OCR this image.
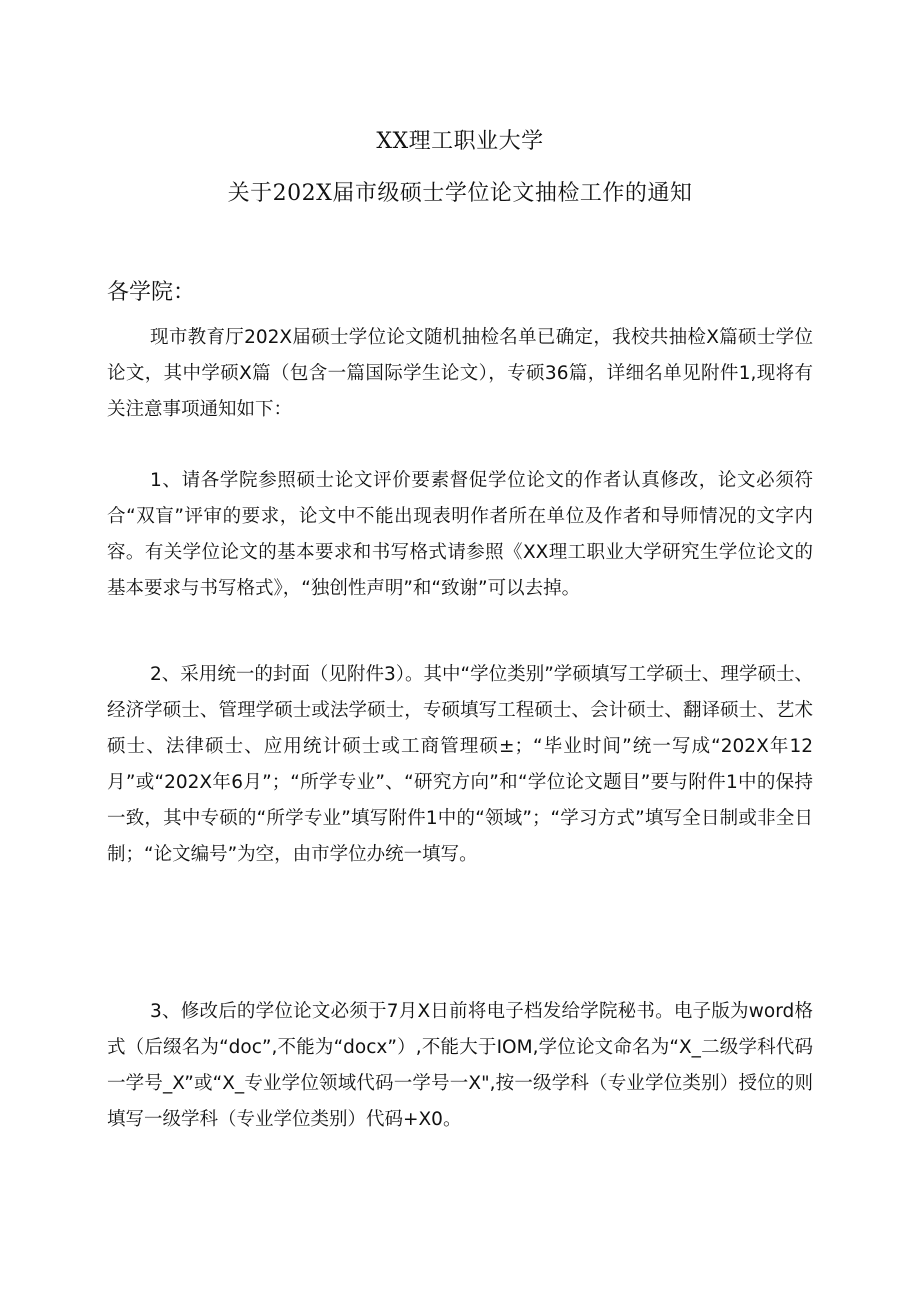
XX理工职业大学
关于202X届市级硕士学位论文抽检工作的通知
各学院：
现市教育厅202X届硕士学位论文随机抽检名单已确定，我校共抽检X篇硕士学位论文，其中学硕X篇（包含一篇国际学生论文），专硕36篇，详细名单见附件1,现将有关注意事项通知如下：
1、请各学院参照硕士论文评价要素督促学位论文的作者认真修改，论文必须符合“双盲”评审的要求，论文中不能出现表明作者所在单位及作者和导师情况的文字内容。有关学位论文的基本要求和书写格式请参照《XX理工职业大学研究生学位论文的基本要求与书写格式》，“独创性声明”和“致谢”可以去掉。
2、采用统一的封面（见附件3）。其中“学位类别”学硕填写工学硕士、理学硕士、经济学硕士、管理学硕士或法学硕士，专硕填写工程硕士、会计硕士、翻译硕士、艺术硕士、法律硕士、应用统计硕士或工商管理硕±；“毕业时间”统一写成“202X年12月”或“202X年6月”；“所学专业”、“研究方向”和“学位论文题目”要与附件1中的保持一致，其中专硕的“所学专业”填写附件1中的“领域”；“学习方式”填写全日制或非全日制；“论文编号”为空，由市学位办统一填写。
3、修改后的学位论文必须于7月X日前将电子档发给学院秘书。电子版为word格式（后缀名为“doc”,不能为“docx”）,不能大于IOM,学位论文命名为“X_二级学科代码一学号_X”或“X_专业学位领域代码一学号一X",按一级学科（专业学位类别）授位的则填写一级学科（专业学位类别）代码+X0。
